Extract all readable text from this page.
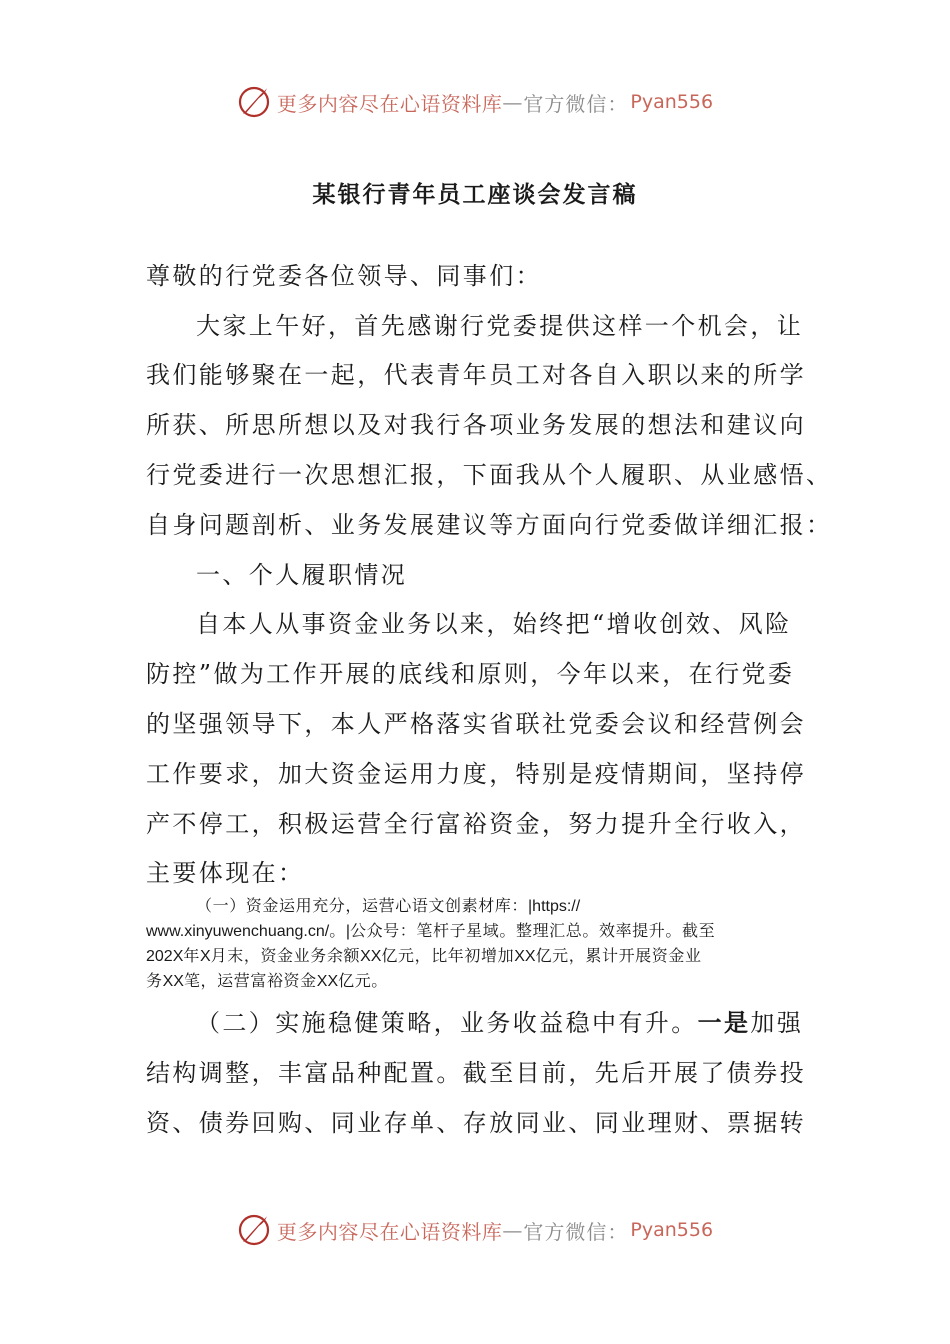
更多内容尽在心语资料库 — 官方微信： Pyan556
某银行青年员工座谈会发言稿
尊敬的行党委各位领导、同事们：
大家上午好，首先感谢行党委提供这样一个机会，让
我们能够聚在一起，代表青年员工对各自入职以来的所学
所获、所思所想以及对我行各项业务发展的想法和建议向
行党委进行一次思想汇报，下面我从个人履职、从业感悟、
自身问题剖析、业务发展建议等方面向行党委做详细汇报：
一、个人履职情况
自本人从事资金业务以来，始终把“增收创效、风险
防控”做为工作开展的底线和原则，今年以来，在行党委
的坚强领导下，本人严格落实省联社党委会议和经营例会
工作要求，加大资金运用力度，特别是疫情期间，坚持停
产不停工，积极运营全行富裕资金，努力提升全行收入，
主要体现在：
（一）资金运用充分，运营心语文创素材库：|https://
www.xinyuwenchuang.cn/。|公众号：笔杆子星域。整理汇总。效率提升。截至
202X年X月末，资金业务余额XX亿元，比年初增加XX亿元，累计开展资金业
务XX笔，运营富裕资金XX亿元。
（二）实施稳健策略，业务收益稳中有升。一是加强
结构调整，丰富品种配置。截至目前，先后开展了债券投
资、债券回购、同业存单、存放同业、同业理财、票据转
更多内容尽在心语资料库 — 官方微信： Pyan556
